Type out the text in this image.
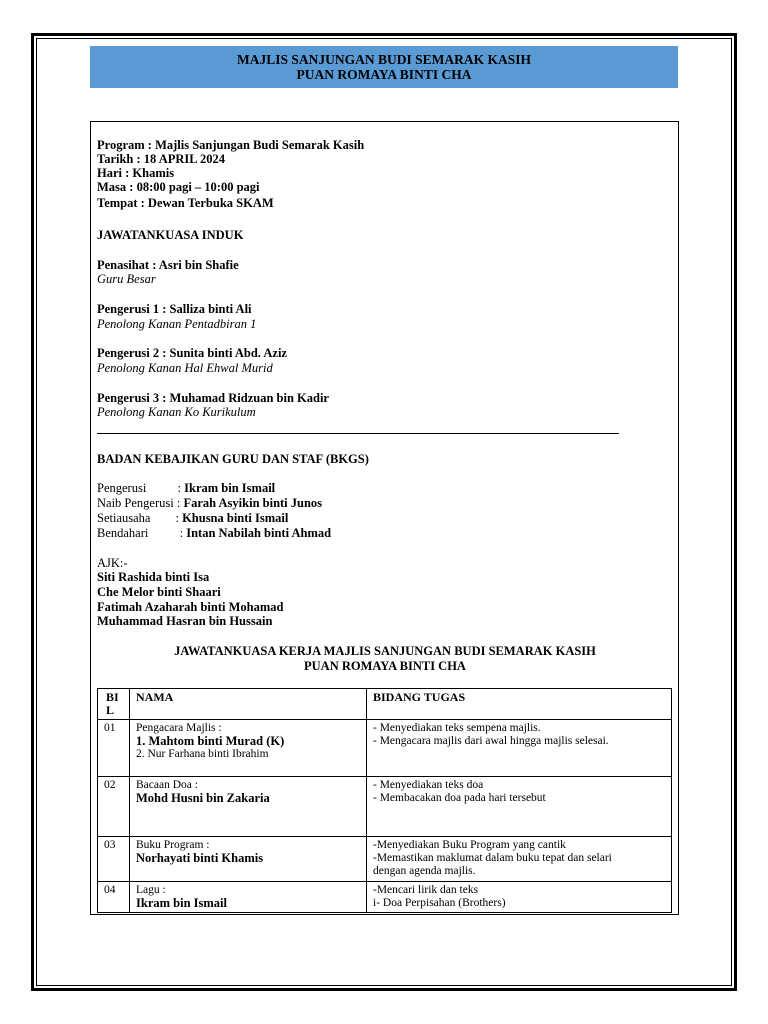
MAJLIS SANJUNGAN BUDI SEMARAK KASIH
PUAN ROMAYA BINTI CHA
Program : Majlis Sanjungan Budi Semarak Kasih
Tarikh : 18 APRIL 2024
Hari : Khamis
Masa : 08:00 pagi – 10:00 pagi
Tempat : Dewan Terbuka SKAM
JAWATANKUASA INDUK
Penasihat : Asri bin Shafie
Guru Besar
Pengerusi 1 : Salliza binti Ali
Penolong Kanan Pentadbiran 1
Pengerusi 2 : Sunita binti Abd. Aziz
Penolong Kanan Hal Ehwal Murid
Pengerusi 3 : Muhamad Ridzuan bin Kadir
Penolong Kanan Ko Kurikulum
BADAN KEBAJIKAN GURU DAN STAF (BKGS)
Pengerusi          : Ikram bin Ismail
Naib Pengerusi : Farah Asyikin binti Junos
Setiausaha        : Khusna binti Ismail
Bendahari          : Intan Nabilah binti Ahmad
AJK:-
Siti Rashida binti Isa
Che Melor binti Shaari
Fatimah Azaharah binti Mohamad
Muhammad Hasran bin Hussain
JAWATANKUASA KERJA MAJLIS SANJUNGAN BUDI SEMARAK KASIH
PUAN ROMAYA BINTI CHA
BIL	NAMA	BIDANG TUGAS
01	Pengacara Majlis :
1. Mahtom binti Murad (K)
2. Nur Farhana binti Ibrahim	- Menyediakan teks sempena majlis.
- Mengacara majlis dari awal hingga majlis selesai.

02	Bacaan Doa :
Mohd Husni bin Zakaria	- Menyediakan teks doa
- Membacakan doa pada hari tersebut

03	Buku Program :
Norhayati binti Khamis	-Menyediakan Buku Program yang cantik
-Memastikan maklumat dalam buku tepat dan selari
dengan agenda majlis.

04	Lagu :
Ikram bin Ismail	-Mencari lirik dan teks
i- Doa Perpisahan (Brothers)
